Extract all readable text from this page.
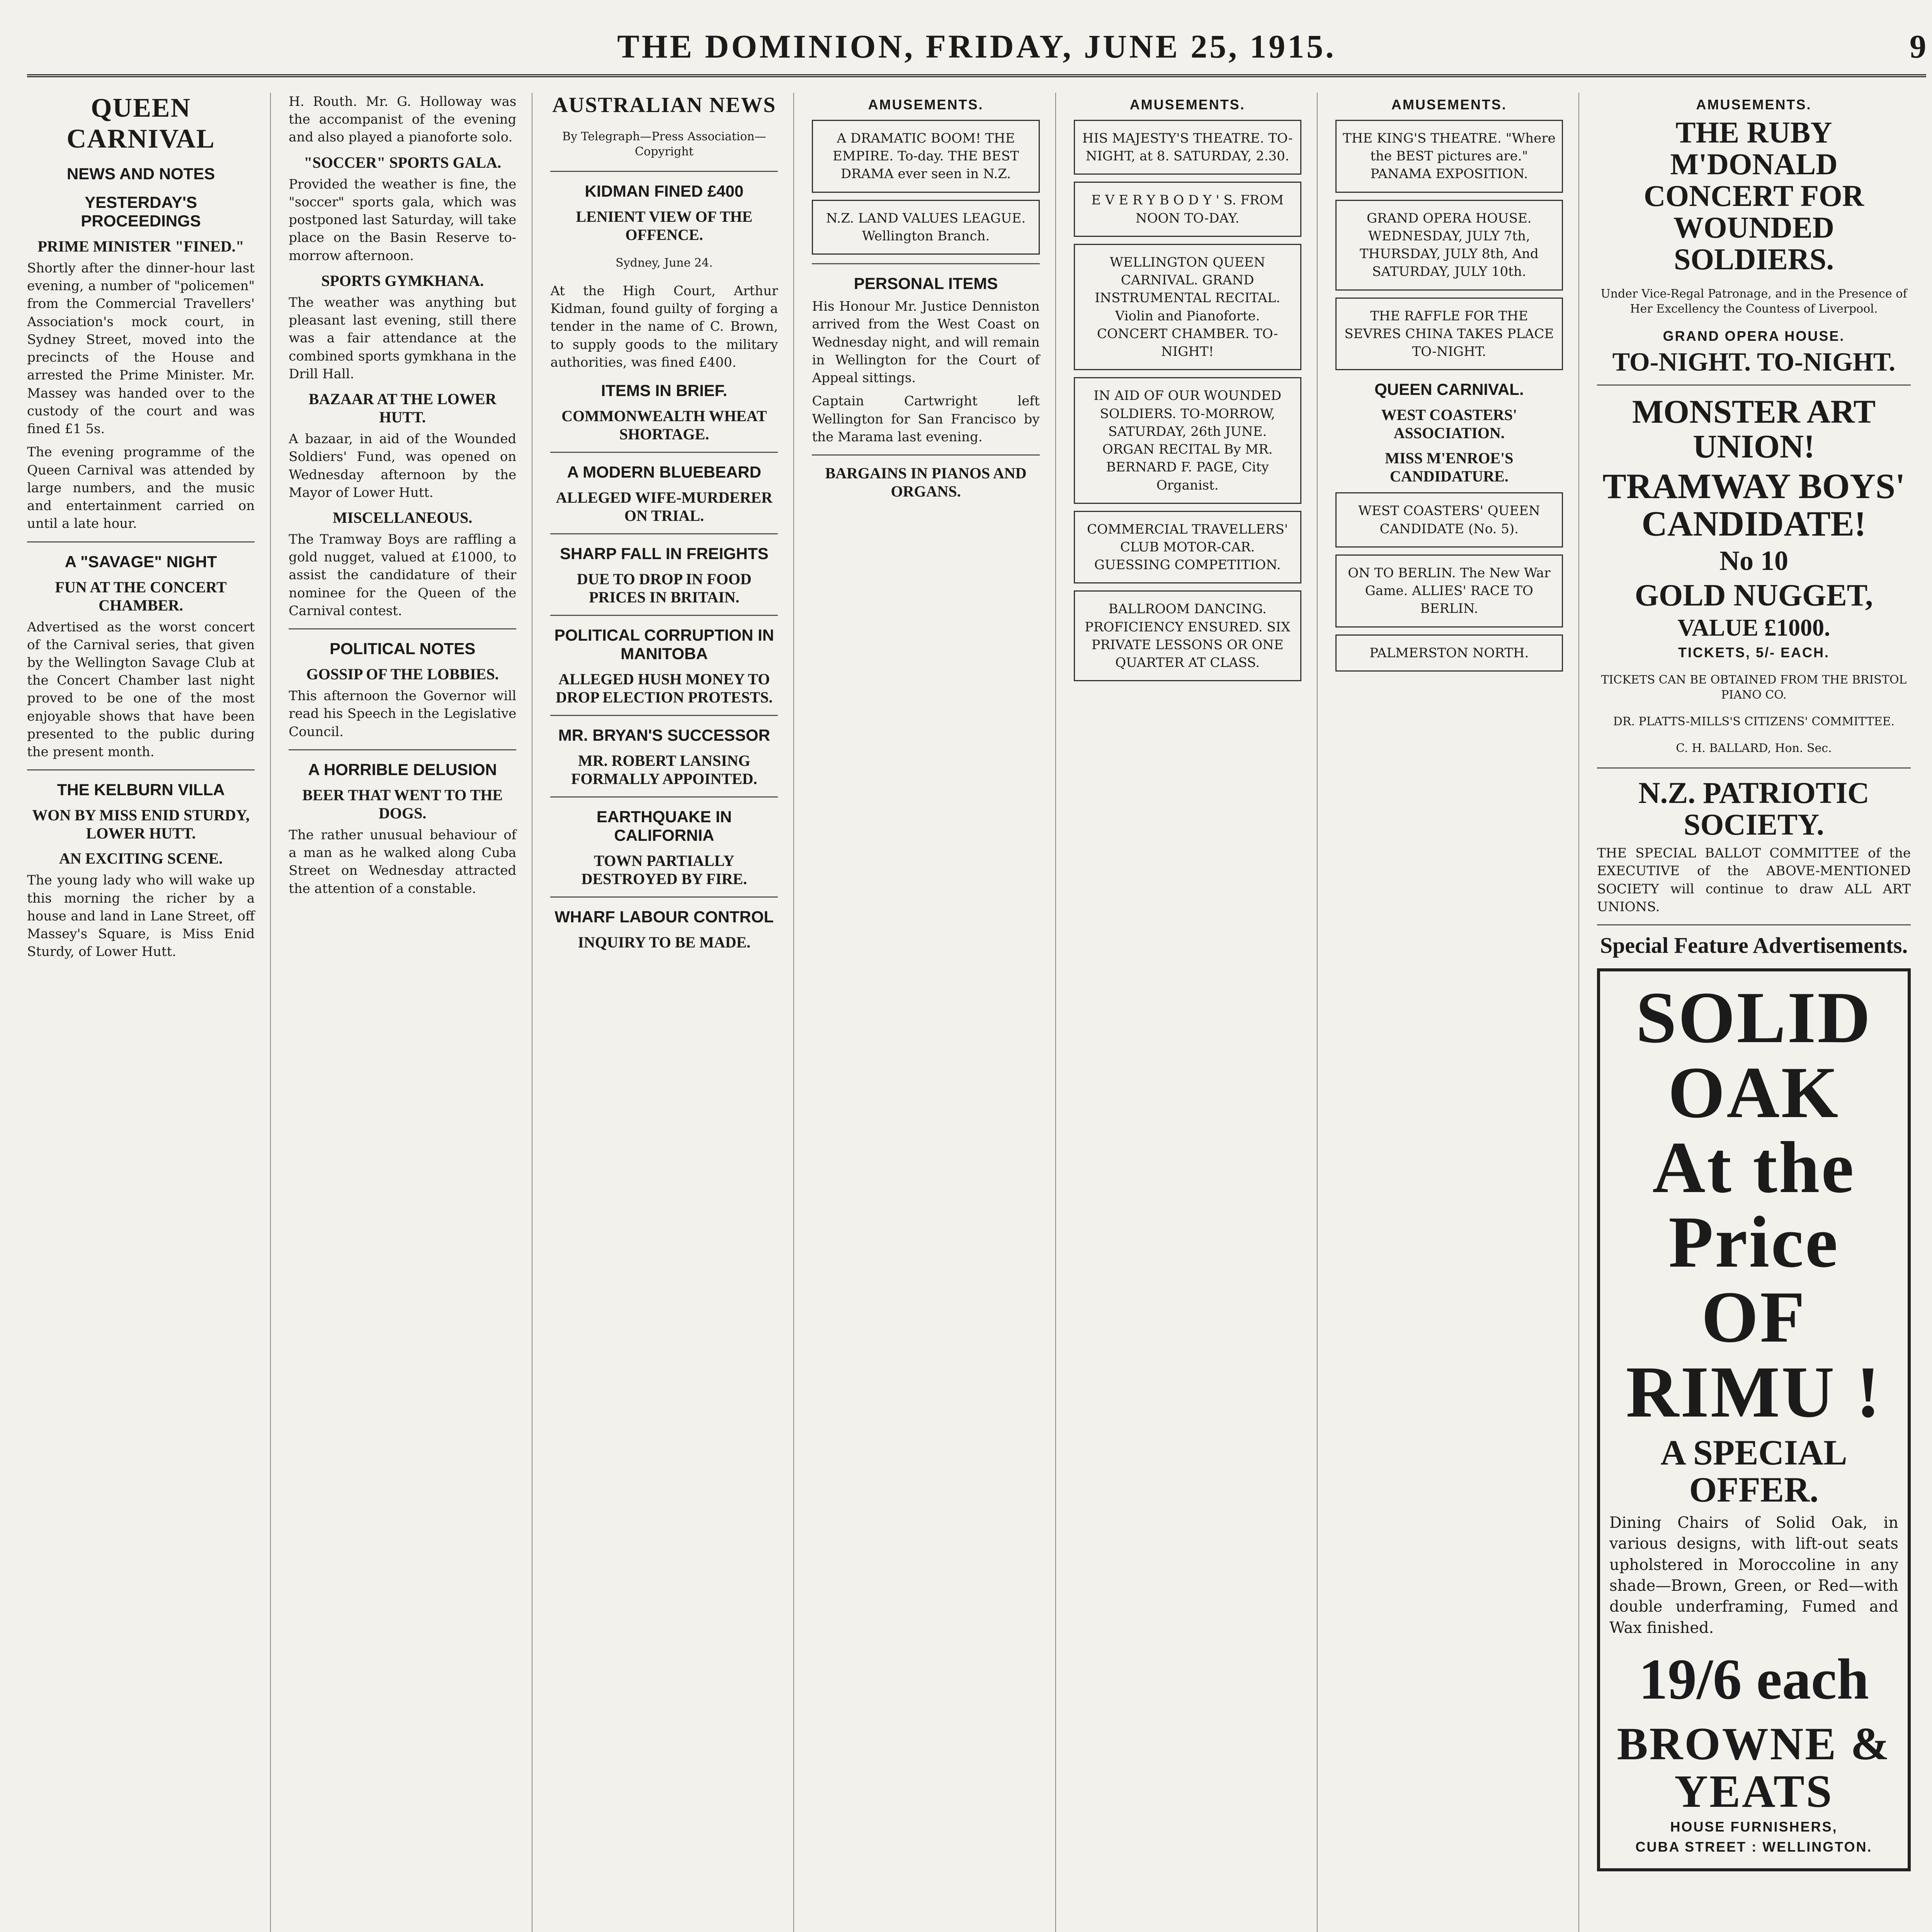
THE DOMINION, FRIDAY, JUNE 25, 1915.	9
QUEEN CARNIVAL
NEWS AND NOTES
YESTERDAY'S PROCEEDINGS
PRIME MINISTER "FINED."

Shortly after the dinner-hour last evening, a number of "policemen" from the Commercial Travellers' Association's mock court, in Sydney Street, moved into the precincts of the House and arrested the Prime Minister. Mr. Massey was handed over to the custody of the court and was fined £1 5s.

The evening programme of the Queen Carnival was attended by large numbers, and the music and entertainment carried on until a late hour.

A "SAVAGE" NIGHT
FUN AT THE CONCERT CHAMBER.

Advertised as the worst concert of the Carnival series, that given by the Wellington Savage Club at the Concert Chamber last night proved to be one of the most enjoyable shows that have been presented to the public during the present month.

THE KELBURN VILLA
WON BY MISS ENID STURDY, LOWER HUTT.
AN EXCITING SCENE.

The young lady who will wake up this morning the richer by a house and land in Lane Street, off Massey's Square, is Miss Enid Sturdy, of Lower Hutt.

H. Routh. Mr. G. Holloway was the accompanist of the evening and also played a pianoforte solo.

"SOCCER" SPORTS GALA.

Provided the weather is fine, the "soccer" sports gala, which was postponed last Saturday, will take place on the Basin Reserve to-morrow afternoon.

SPORTS GYMKHANA.

The weather was anything but pleasant last evening, still there was a fair attendance at the combined sports gymkhana in the Drill Hall.

BAZAAR AT THE LOWER HUTT.

A bazaar, in aid of the Wounded Soldiers' Fund, was opened on Wednesday afternoon by the Mayor of Lower Hutt.

MISCELLANEOUS.

The Tramway Boys are raffling a gold nugget, valued at £1000, to assist the candidature of their nominee for the Queen of the Carnival contest.

POLITICAL NOTES
GOSSIP OF THE LOBBIES.

This afternoon the Governor will read his Speech in the Legislative Council.

A HORRIBLE DELUSION
BEER THAT WENT TO THE DOGS.

The rather unusual behaviour of a man as he walked along Cuba Street on Wednesday attracted the attention of a constable.

AUSTRALIAN NEWS

By Telegraph—Press Association—Copyright

KIDMAN FINED £400
LENIENT VIEW OF THE OFFENCE.

Sydney, June 24.

At the High Court, Arthur Kidman, found guilty of forging a tender in the name of C. Brown, to supply goods to the military authorities, was fined £400.

ITEMS IN BRIEF.
COMMONWEALTH WHEAT SHORTAGE.
A MODERN BLUEBEARD
ALLEGED WIFE-MURDERER ON TRIAL.
SHARP FALL IN FREIGHTS
DUE TO DROP IN FOOD PRICES IN BRITAIN.
POLITICAL CORRUPTION IN MANITOBA
ALLEGED HUSH MONEY TO DROP ELECTION PROTESTS.
MR. BRYAN'S SUCCESSOR
MR. ROBERT LANSING FORMALLY APPOINTED.
EARTHQUAKE IN CALIFORNIA
TOWN PARTIALLY DESTROYED BY FIRE.
WHARF LABOUR CONTROL
INQUIRY TO BE MADE.
AMUSEMENTS.

A DRAMATIC BOOM! THE EMPIRE. To-day. THE BEST DRAMA ever seen in N.Z.

N.Z. LAND VALUES LEAGUE. Wellington Branch.

PERSONAL ITEMS

His Honour Mr. Justice Denniston arrived from the West Coast on Wednesday night, and will remain in Wellington for the Court of Appeal sittings.

Captain Cartwright left Wellington for San Francisco by the Marama last evening.

BARGAINS IN PIANOS AND ORGANS.
AMUSEMENTS.

HIS MAJESTY'S THEATRE. TO-NIGHT, at 8. SATURDAY, 2.30.

E V E R Y B O D Y ' S. FROM NOON TO-DAY.

WELLINGTON QUEEN CARNIVAL. GRAND INSTRUMENTAL RECITAL. Violin and Pianoforte. CONCERT CHAMBER. TO-NIGHT!

IN AID OF OUR WOUNDED SOLDIERS. TO-MORROW, SATURDAY, 26th JUNE. ORGAN RECITAL By MR. BERNARD F. PAGE, City Organist.

COMMERCIAL TRAVELLERS' CLUB MOTOR-CAR. GUESSING COMPETITION.

BALLROOM DANCING. PROFICIENCY ENSURED. SIX PRIVATE LESSONS OR ONE QUARTER AT CLASS.

AMUSEMENTS.

THE KING'S THEATRE. "Where the BEST pictures are." PANAMA EXPOSITION.

GRAND OPERA HOUSE. WEDNESDAY, JULY 7th, THURSDAY, JULY 8th, And SATURDAY, JULY 10th.

THE RAFFLE FOR THE SEVRES CHINA TAKES PLACE TO-NIGHT.

QUEEN CARNIVAL.
WEST COASTERS' ASSOCIATION.
MISS M'ENROE'S CANDIDATURE.

WEST COASTERS' QUEEN CANDIDATE (No. 5).

ON TO BERLIN. The New War Game. ALLIES' RACE TO BERLIN.

PALMERSTON NORTH.

AMUSEMENTS.
THE RUBY M'DONALD CONCERT FOR WOUNDED SOLDIERS.

Under Vice-Regal Patronage, and in the Presence of Her Excellency the Countess of Liverpool.

GRAND OPERA HOUSE.
TO-NIGHT. TO-NIGHT.
MONSTER ART UNION!
TRAMWAY BOYS' CANDIDATE!
No 10
GOLD NUGGET,
VALUE £1000.
TICKETS, 5/- EACH.

TICKETS CAN BE OBTAINED FROM THE BRISTOL PIANO CO.

DR. PLATTS-MILLS'S CITIZENS' COMMITTEE.

C. H. BALLARD, Hon. Sec.

N.Z. PATRIOTIC SOCIETY.

THE SPECIAL BALLOT COMMITTEE of the EXECUTIVE of the ABOVE-MENTIONED SOCIETY will continue to draw ALL ART UNIONS.

Special Feature Advertisements.
SOLID OAK
At the Price
OF RIMU !
A SPECIAL OFFER.

Dining Chairs of Solid Oak, in various designs, with lift-out seats upholstered in Moroccoline in any shade—Brown, Green, or Red—with double underframing, Fumed and Wax finished.

19/6 each
BROWNE & YEATS
HOUSE FURNISHERS,
CUBA STREET : WELLINGTON.
